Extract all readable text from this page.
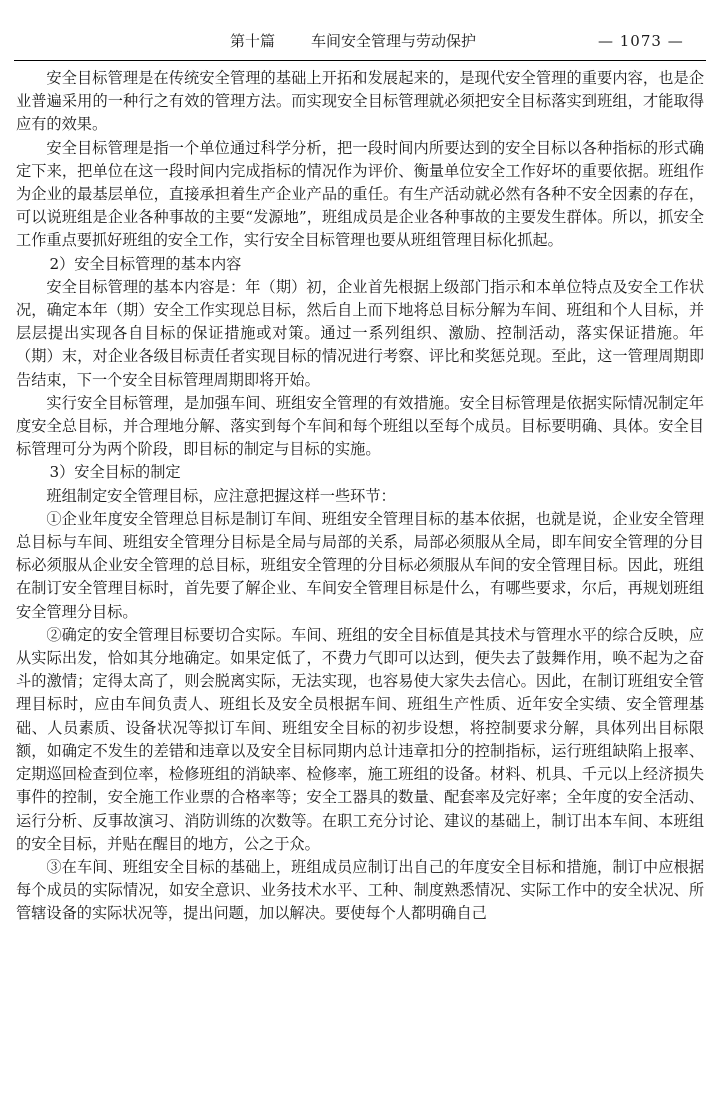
第十篇 车间安全管理与劳动保护	— 1073 —

安全目标管理是在传统安全管理的基础上开拓和发展起来的，是现代安全管理的重要内容，也是企业普遍采用的一种行之有效的管理方法。而实现安全目标管理就必须把安全目标落实到班组，才能取得应有的效果。

安全目标管理是指一个单位通过科学分析，把一段时间内所要达到的安全目标以各种指标的形式确定下来，把单位在这一段时间内完成指标的情况作为评价、衡量单位安全工作好坏的重要依据。班组作为企业的最基层单位，直接承担着生产企业产品的重任。有生产活动就必然有各种不安全因素的存在，可以说班组是企业各种事故的主要“发源地”，班组成员是企业各种事故的主要发生群体。所以，抓安全工作重点要抓好班组的安全工作，实行安全目标管理也要从班组管理目标化抓起。

2）安全目标管理的基本内容

安全目标管理的基本内容是：年（期）初，企业首先根据上级部门指示和本单位特点及安全工作状况，确定本年（期）安全工作实现总目标，然后自上而下地将总目标分解为车间、班组和个人目标，并层层提出实现各自目标的保证措施或对策。通过一系列组织、激励、控制活动，落实保证措施。年（期）末，对企业各级目标责任者实现目标的情况进行考察、评比和奖惩兑现。至此，这一管理周期即告结束，下一个安全目标管理周期即将开始。

实行安全目标管理，是加强车间、班组安全管理的有效措施。安全目标管理是依据实际情况制定年度安全总目标，并合理地分解、落实到每个车间和每个班组以至每个成员。目标要明确、具体。安全目标管理可分为两个阶段，即目标的制定与目标的实施。

3）安全目标的制定

班组制定安全管理目标，应注意把握这样一些环节：

①企业年度安全管理总目标是制订车间、班组安全管理目标的基本依据，也就是说，企业安全管理总目标与车间、班组安全管理分目标是全局与局部的关系，局部必须服从全局，即车间安全管理的分目标必须服从企业安全管理的总目标，班组安全管理的分目标必须服从车间的安全管理目标。因此，班组在制订安全管理目标时，首先要了解企业、车间安全管理目标是什么，有哪些要求，尔后，再规划班组安全管理分目标。

②确定的安全管理目标要切合实际。车间、班组的安全目标值是其技术与管理水平的综合反映，应从实际出发，恰如其分地确定。如果定低了，不费力气即可以达到，便失去了鼓舞作用，唤不起为之奋斗的激情；定得太高了，则会脱离实际，无法实现，也容易使大家失去信心。因此，在制订班组安全管理目标时，应由车间负责人、班组长及安全员根据车间、班组生产性质、近年安全实绩、安全管理基础、人员素质、设备状况等拟订车间、班组安全目标的初步设想，将控制要求分解，具体列出目标限额，如确定不发生的差错和违章以及安全目标同期内总计违章扣分的控制指标，运行班组缺陷上报率、定期巡回检查到位率，检修班组的消缺率、检修率，施工班组的设备。材料、机具、千元以上经济损失事件的控制，安全施工作业票的合格率等；安全工器具的数量、配套率及完好率；全年度的安全活动、运行分析、反事故演习、消防训练的次数等。在职工充分讨论、建议的基础上，制订出本车间、本班组的安全目标，并贴在醒目的地方，公之于众。

③在车间、班组安全目标的基础上，班组成员应制订出自己的年度安全目标和措施，制订中应根据每个成员的实际情况，如安全意识、业务技术水平、工种、制度熟悉情况、实际工作中的安全状况、所管辖设备的实际状况等，提出问题，加以解决。要使每个人都明确自己
